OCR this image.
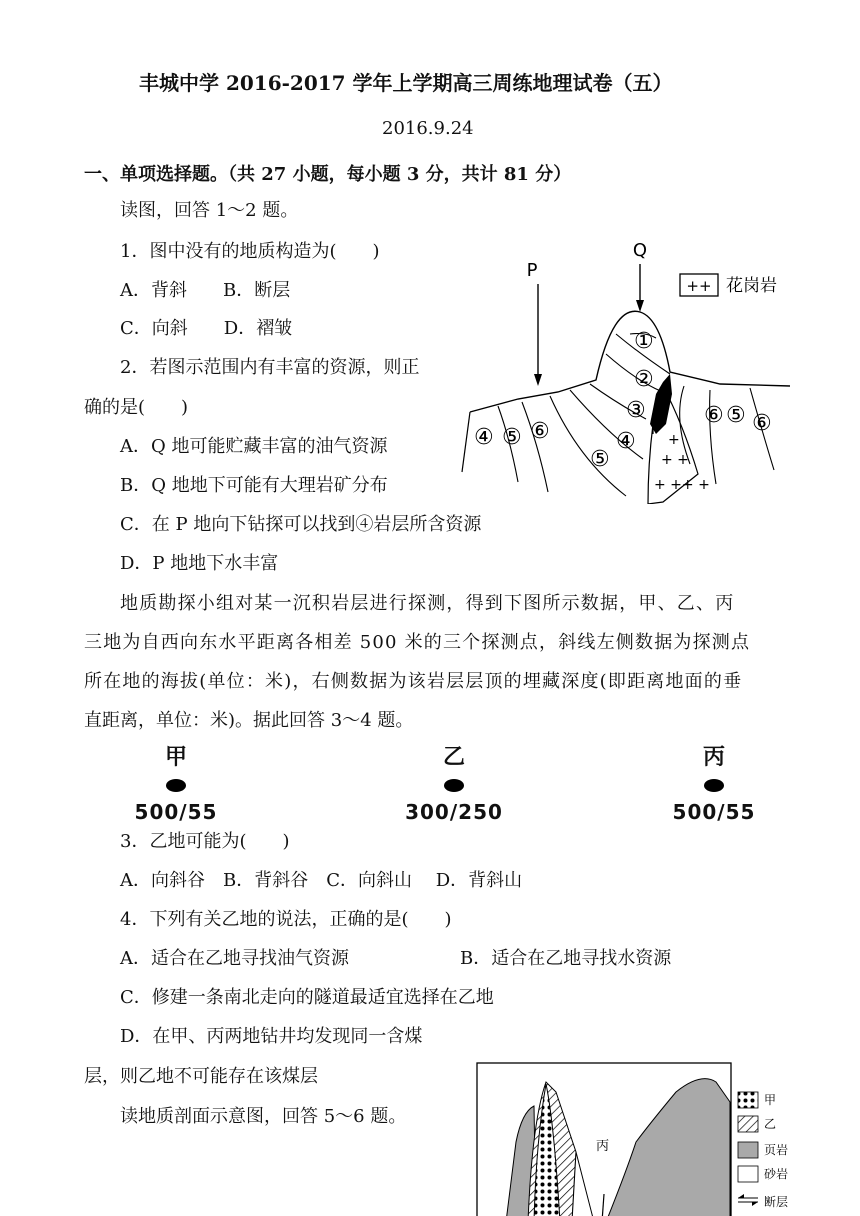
丰城中学 2016-2017 学年上学期高三周练地理试卷（五）
2016.9.24
一、单项选择题。（共 27 小题，每小题 3 分，共计 81 分）
读图，回答 1～2 题。
1．图中没有的地质构造为(　　)
A．背斜　　B．断层
C．向斜　　D．褶皱
2．若图示范围内有丰富的资源，则正
确的是(　　)
A．Q 地可能贮藏丰富的油气资源
B．Q 地地下可能有大理岩矿分布
C．在 P 地向下钻探可以找到④岩层所含资源
D．P 地地下水丰富
P
Q
++ 花岗岩
+
+ +
+ ++ +
①
②
③
④
⑤
⑥
④ ⑤ ⑥
⑤ ⑥
地质勘探小组对某一沉积岩层进行探测，得到下图所示数据，甲、乙、丙
三地为自西向东水平距离各相差 500 米的三个探测点，斜线左侧数据为探测点
所在地的海拔(单位：米)，右侧数据为该岩层层顶的埋藏深度(即距离地面的垂
直距离，单位：米)。据此回答 3～4 题。
甲
500/55
乙
300/250
丙
500/55
3．乙地可能为(　　)
A．向斜谷　B．背斜谷　C．向斜山　 D．背斜山
4．下列有关乙地的说法，正确的是(　　)
A．适合在乙地寻找油气资源	B．适合在乙地寻找水资源
C．修建一条南北走向的隧道最适宜选择在乙地
D．在甲、丙两地钻井均发现同一含煤
层，则乙地不可能存在该煤层
读地质剖面示意图，回答 5～6 题。
丙
甲
乙
页岩
砂岩
断层
